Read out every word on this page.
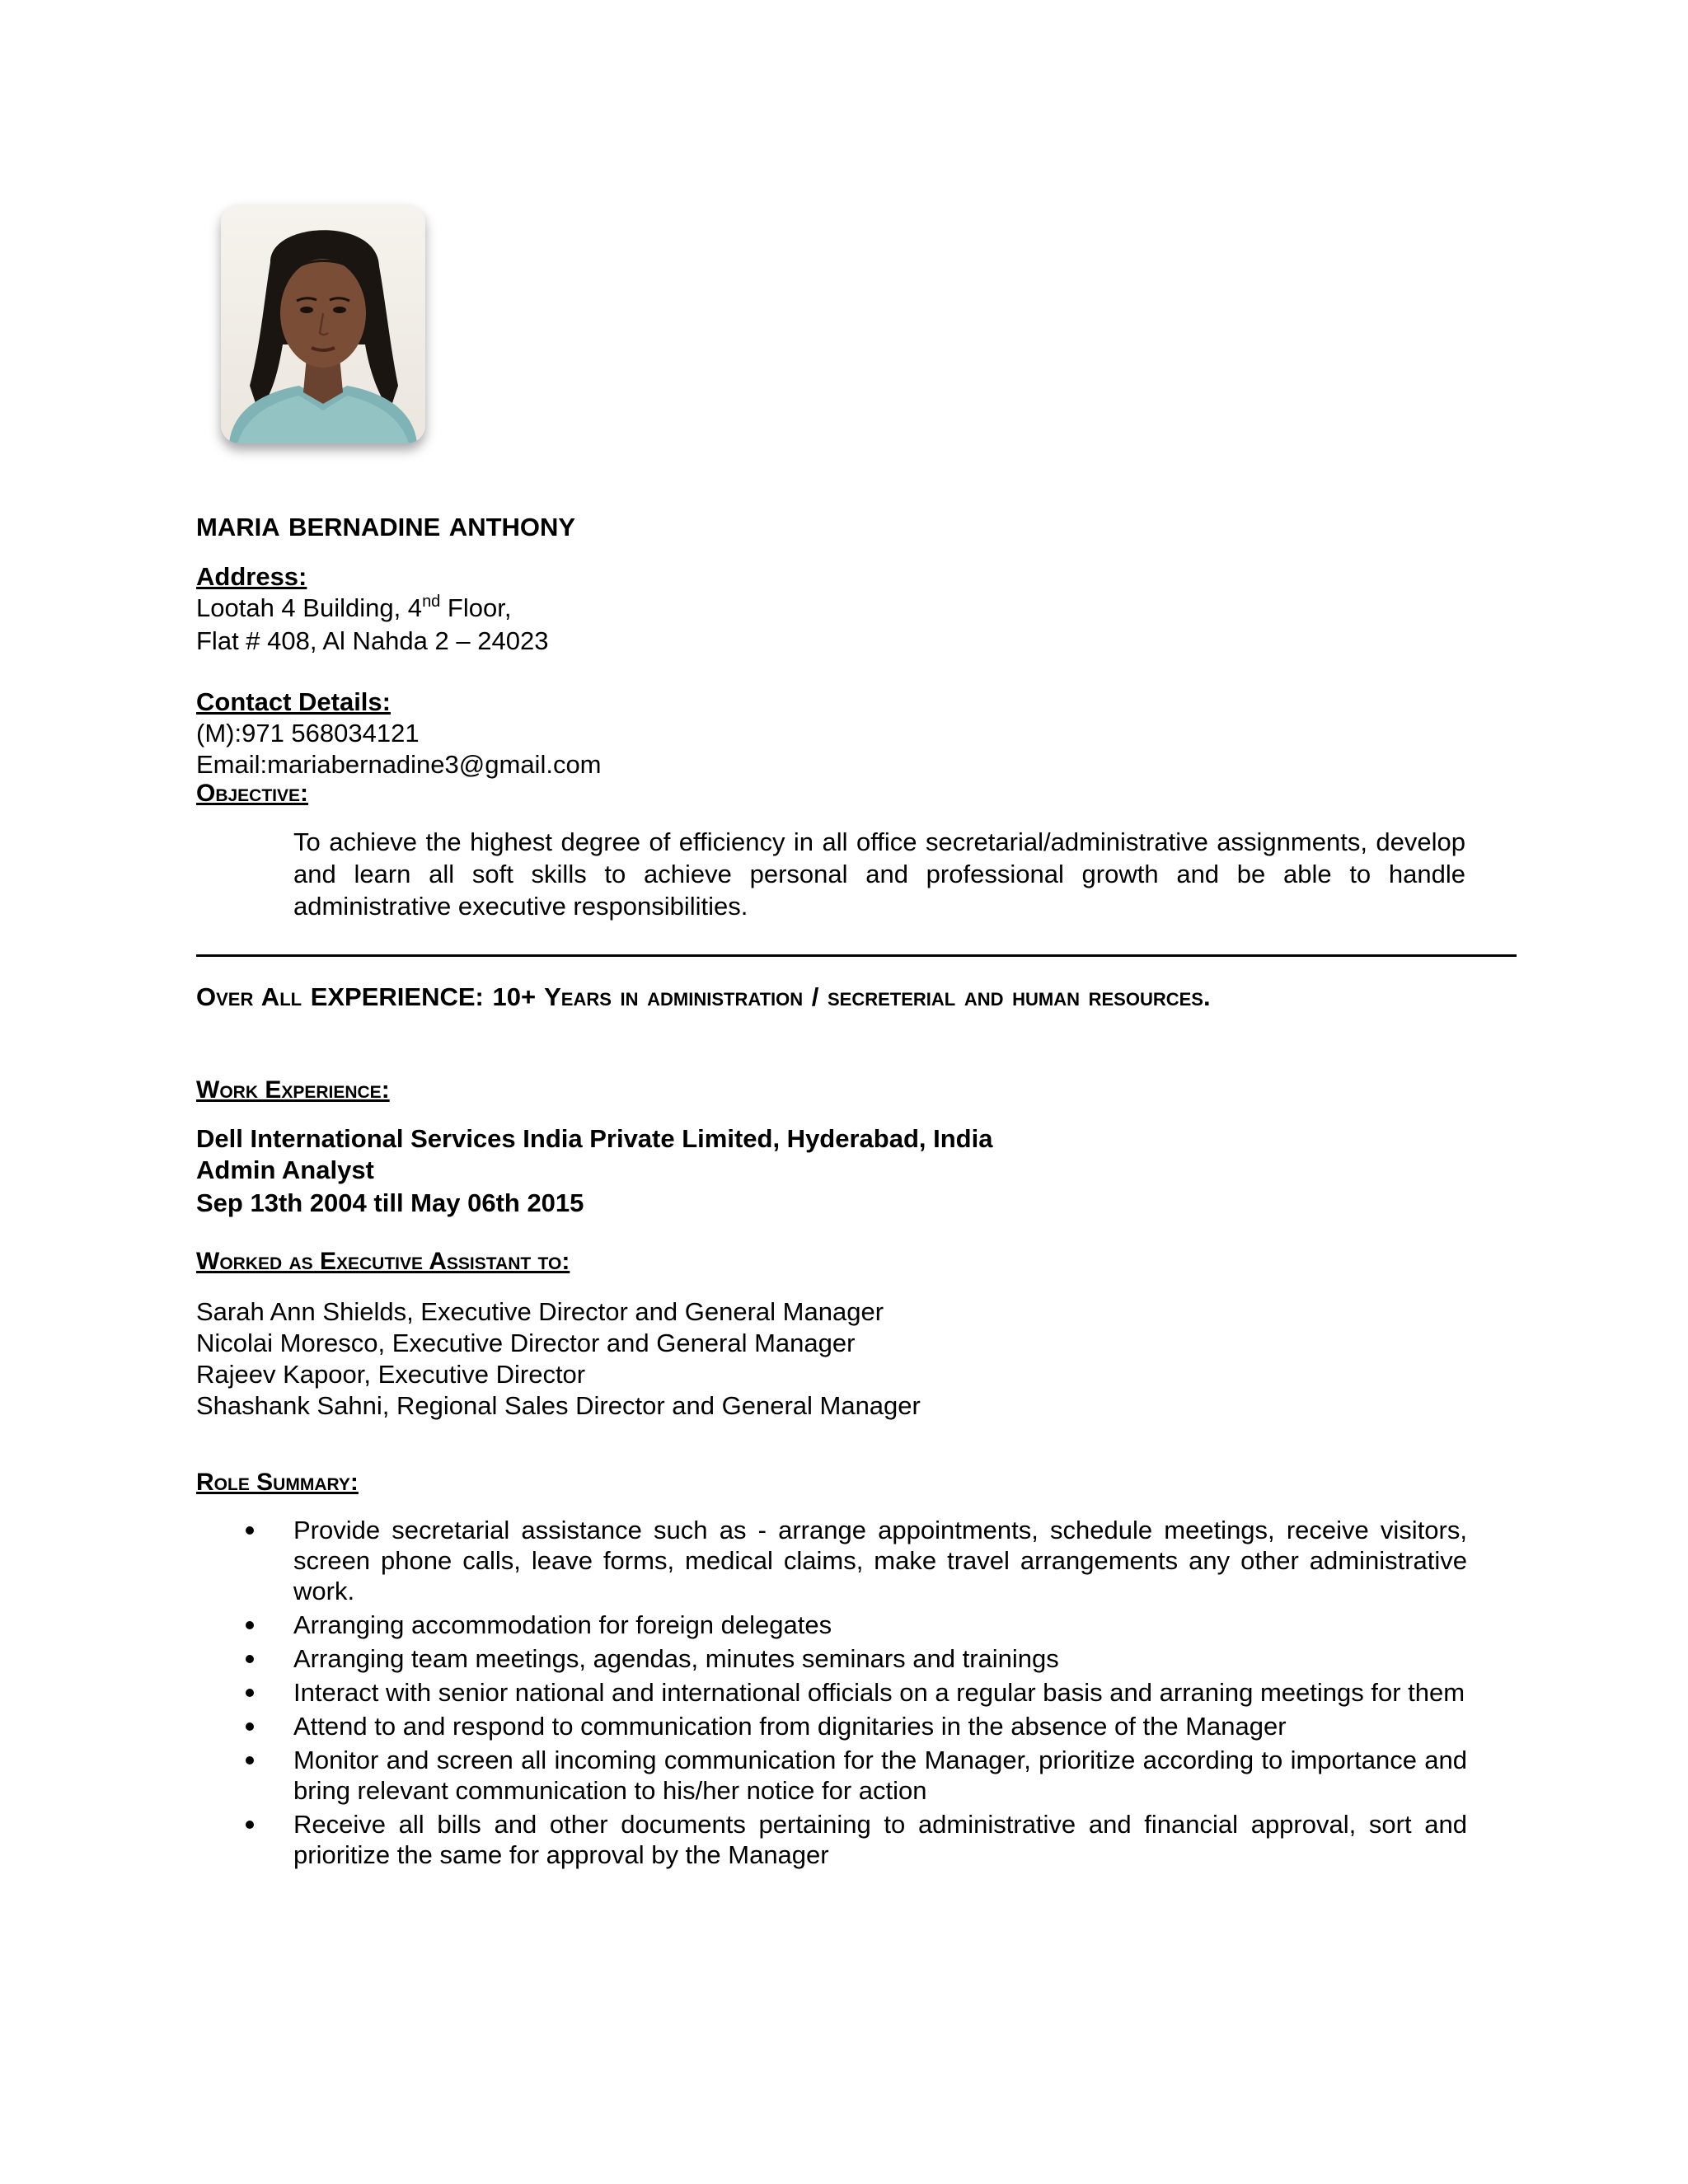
MARIA BERNADINE ANTHONY
Address:
Lootah 4 Building, 4nd Floor,
Flat # 408, Al Nahda 2 – 24023
Contact Details:
(M):971 568034121
Email:mariabernadine3@gmail.com
Objective:
To achieve the highest degree of efficiency in all office secretarial/administrative assignments, develop and learn all soft skills to achieve personal and professional growth and be able to handle administrative executive responsibilities.
Over All EXPERIENCE: 10+ Years in administration / secreterial and human resources.
Work Experience:
Dell International Services India Private Limited, Hyderabad, India
Admin Analyst
Sep 13th 2004 till May 06th 2015
Worked as Executive Assistant to:
Sarah Ann Shields, Executive Director and General Manager
Nicolai Moresco, Executive Director and General Manager
Rajeev Kapoor, Executive Director
Shashank Sahni, Regional Sales Director and General Manager
Role Summary:
Provide secretarial assistance such as - arrange appointments, schedule meetings, receive visitors, screen phone calls, leave forms, medical claims, make travel arrangements any other administrative work.
Arranging accommodation for foreign delegates
Arranging team meetings, agendas, minutes seminars and trainings
Interact with senior national and international officials on a regular basis and arraning meetings for them
Attend to and respond to communication from dignitaries in the absence of the Manager
Monitor and screen all incoming communication for the Manager, prioritize according to importance and bring relevant communication to his/her notice for action
Receive all bills and other documents pertaining to administrative and financial approval, sort and prioritize the same for approval by the Manager
